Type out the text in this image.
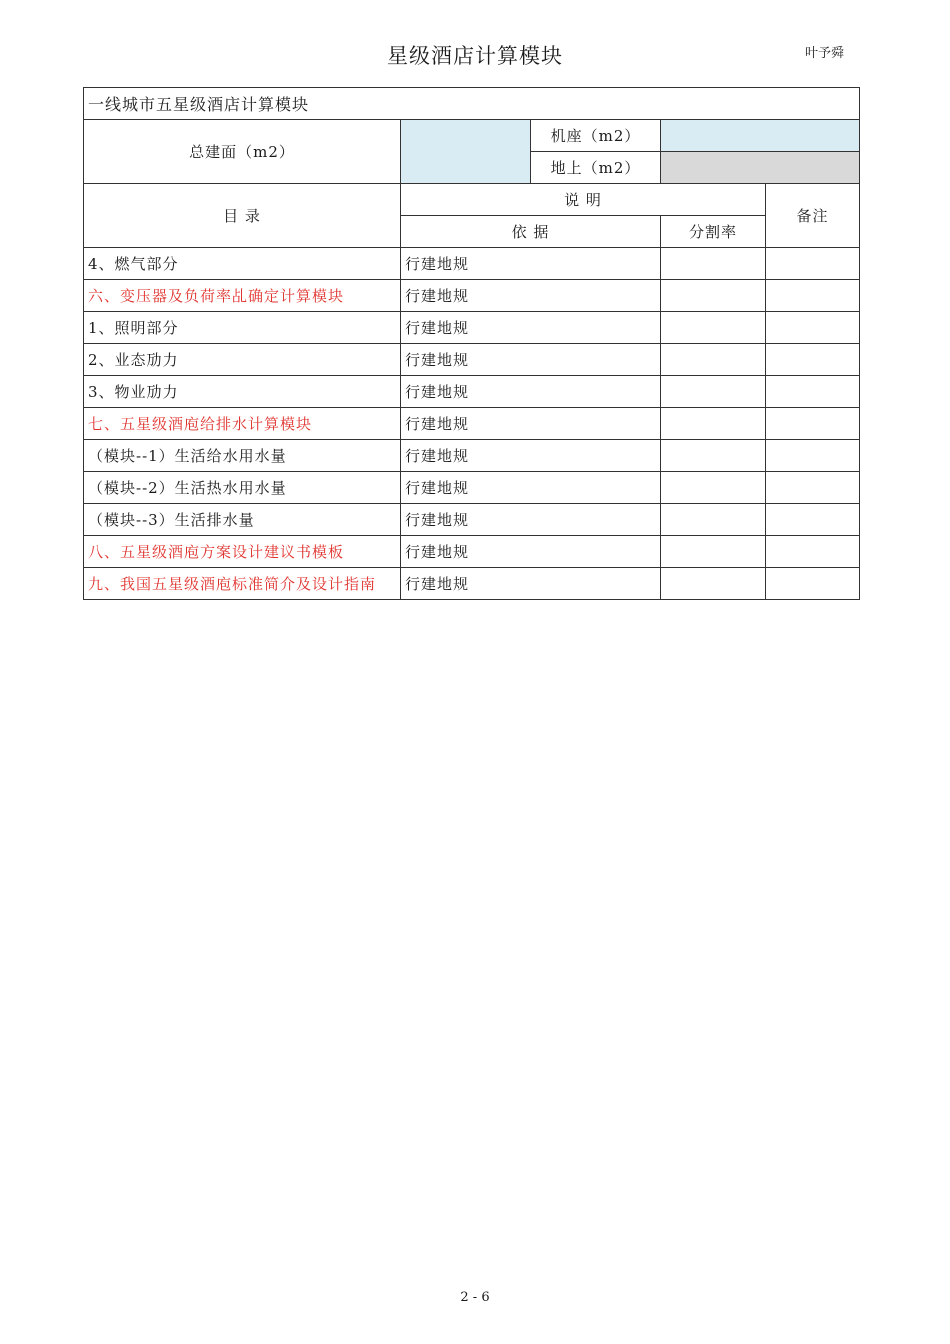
星级酒店计算模块	叶予舜
一线城市五星级酒店计算模块				
总建面（m2）		机座（m2）		
		地上（m2）		
目 录	说 明			备注
	依 据		分割率	
4、燃气部分	行建地规			
六、变压器及负荷率乩确定计算模块	行建地规			
1、照明部分	行建地规			
2、业态劢力	行建地规			
3、物业劢力	行建地规			
七、五星级酒庖给排水计算模块	行建地规			
（模块--1）生活给水用水量	行建地规			
（模块--2）生活热水用水量	行建地规			
（模块--3）生活排水量	行建地规			
八、五星级酒庖方案设计建议书模板	行建地规			
九、我国五星级酒庖标准简介及设计指南	行建地规			
2 - 6
